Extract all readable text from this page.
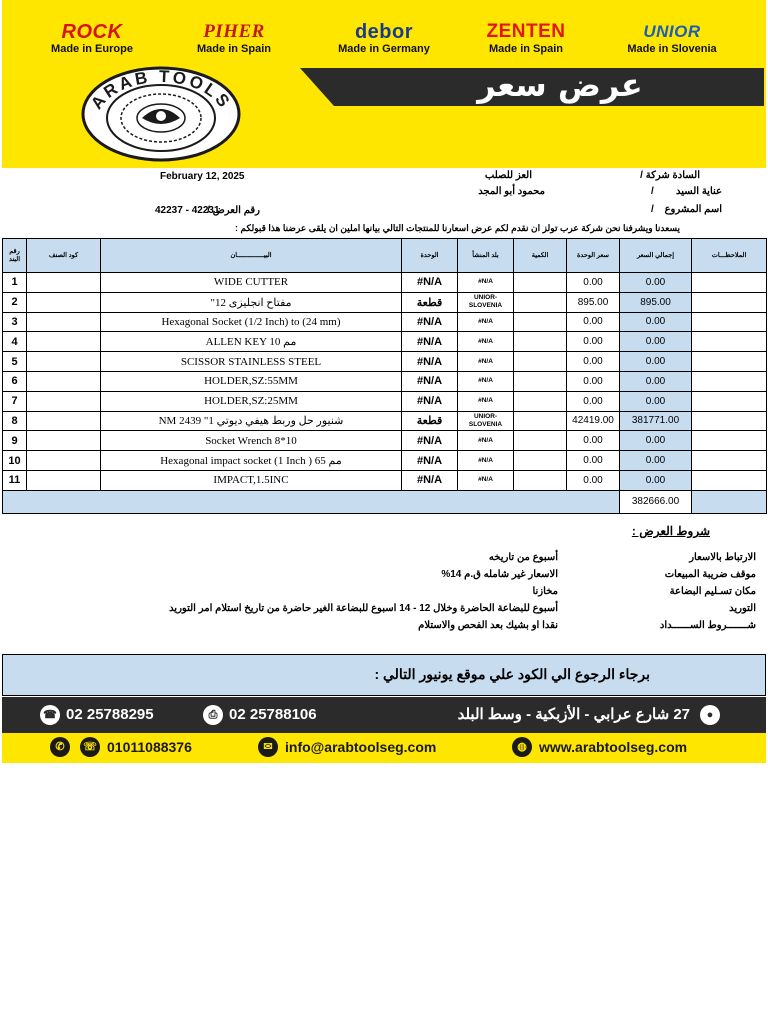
ROCK
Made in Europe
PIHER
Made in Spain
debor
Made in Germany
ZENTEN
Made in Spain
UNIOR
Made in Slovenia
عرض سعر
ARAB TOOLS
February 12, 2025	السادة شركة /
العز للصلب
عناية السيد
/
محمود أبو المجد
اسم المشروع
/
رقم العرض /
42237 - 42231
يسعدنا ويشرفنا نحن شركة عرب تولز ان نقدم لكم عرض اسعارنا للمنتجات التالي بيانها املين ان يلقى عرضنا هذا قبولكم :
رقم البند	كود الصنف	البيــــــــــــــان	الوحدة	بلد المنشأ	الكمية	سعر الوحدة	إجمالي السعر	الملاحظـــات
1		WIDE CUTTER	#N/A	#N/A		0.00	0.00	
2		مفتاح انجليزى 12"	قطعة	UNIOR-SLOVENIA		895.00	895.00	
3		Hexagonal Socket (1/2 Inch) to (24 mm)	#N/A	#N/A		0.00	0.00	
4		ALLEN KEY 10 مم	#N/A	#N/A		0.00	0.00	
5		SCISSOR STAINLESS STEEL	#N/A	#N/A		0.00	0.00	
6		HOLDER,SZ:55MM	#N/A	#N/A		0.00	0.00	
7		HOLDER,SZ:25MM	#N/A	#N/A		0.00	0.00	
8		شنيور حل وربط هيفي ديوتي 1" 2439 NM	قطعة	UNIOR-SLOVENIA		42419.00	381771.00	
9		Socket Wrench 8*10	#N/A	#N/A		0.00	0.00	
10		Hexagonal impact socket (1 Inch ) 65 مم	#N/A	#N/A		0.00	0.00	
11		IMPACT,1.5INC	#N/A	#N/A		0.00	0.00	
							382666.00	
شروط العرض :
الارتباط بالاسعار
أسبوع من تاريخه
موقف ضريبة المبيعات
الاسعار غير شامله ق.م 14%
مكان تسـليم البضاعة
مخازنا
التوريد
أسبوع للبضاعة الحاضرة وخلال 12 - 14 اسبوع للبضاعة الغير حاضرة من تاريخ استلام امر التوريد
شـــــــروط الســــــداد
نقدا او بشيك بعد الفحص والاستلام
برجاء الرجوع الي الكود علي موقع يونيور التالي :
☎ 02 25788295	⎙ 02 25788106	27 شارع عرابي - الأزبكية - وسط البلد	●
✆	☏ 01011088376	✉ info@arabtoolseg.com	◍ www.arabtoolseg.com
